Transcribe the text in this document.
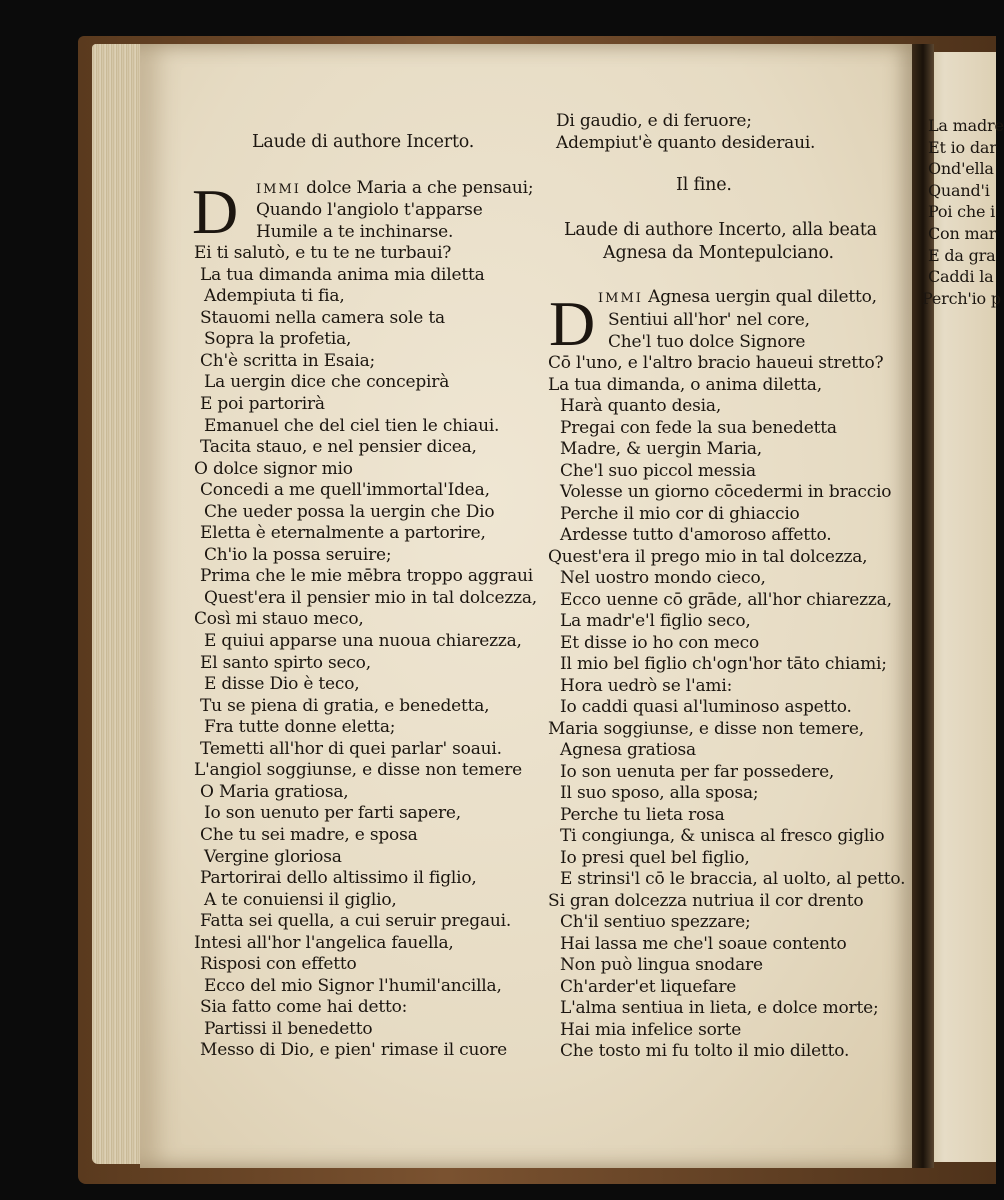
Laude di authore Incerto.
D IMMI dolce Maria a che pensaui;
Quando l'angiolo t'apparse
Humile a te inchinarse.
Ei ti salutò, e tu te ne turbaui?
La tua dimanda anima mia diletta
Adempiuta ti fia,
Stauomi nella camera sole ta
Sopra la profetia,
Ch'è scritta in Esaia;
La uergin dice che concepirà
E poi partorirà
Emanuel che del ciel tien le chiaui.
Tacita stauo, e nel pensier dicea,
O dolce signor mio
Concedi a me quell'immortal'Idea,
Che ueder possa la uergin che Dio
Eletta è eternalmente a partorire,
Ch'io la possa seruire;
Prima che le mie mēbra troppo aggraui
Quest'era il pensier mio in tal dolcezza,
Così mi stauo meco,
E quiui apparse una nuoua chiarezza,
El santo spirto seco,
E disse Dio è teco,
Tu se piena di gratia, e benedetta,
Fra tutte donne eletta;
Temetti all'hor di quei parlar' soaui.
L'angiol soggiunse, e disse non temere
O Maria gratiosa,
Io son uenuto per farti sapere,
Che tu sei madre, e sposa
Vergine gloriosa
Partorirai dello altissimo il figlio,
A te conuiensi il giglio,
Fatta sei quella, a cui seruir pregaui.
Intesi all'hor l'angelica fauella,
Risposi con effetto
Ecco del mio Signor l'humil'ancilla,
Sia fatto come hai detto:
Partissi il benedetto
Messo di Dio, e pien' rimase il cuore
Di gaudio, e di feruore;
Adempiut'è quanto desideraui.
Il fine.
Laude di authore Incerto, alla beata
Agnesa da Montepulciano.
D IMMI Agnesa uergin qual diletto,
Sentiui all'hor' nel core,
Che'l tuo dolce Signore
Cō l'uno, e l'altro bracio haueui stretto?
La tua dimanda, o anima diletta,
Harà quanto desia,
Pregai con fede la sua benedetta
Madre, & uergin Maria,
Che'l suo piccol messia
Volesse un giorno cōcedermi in braccio
Perche il mio cor di ghiaccio
Ardesse tutto d'amoroso affetto.
Quest'era il prego mio in tal dolcezza,
Nel uostro mondo cieco,
Ecco uenne cō grāde, all'hor chiarezza,
La madr'e'l figlio seco,
Et disse io ho con meco
Il mio bel figlio ch'ogn'hor tāto chiami;
Hora uedrò se l'ami:
Io caddi quasi al'luminoso aspetto.
Maria soggiunse, e disse non temere,
Agnesa gratiosa
Io son uenuta per far possedere,
Il suo sposo, alla sposa;
Perche tu lieta rosa
Ti congiunga, & unisca al fresco giglio
Io presi quel bel figlio,
E strinsi'l cō le braccia, al uolto, al petto.
Si gran dolcezza nutriua il cor drento
Ch'il sentiuo spezzare;
Hai lassa me che'l soaue contento
Non può lingua snodare
Ch'arder'et liquefare
L'alma sentiua in lieta, e dolce morte;
Hai mia infelice sorte
Che tosto mi fu tolto il mio diletto.
La madre
Et io dar
Ond'ella
Quand'i
Poi che i
Con mar
E da gra
Caddi la
Perch'io p
